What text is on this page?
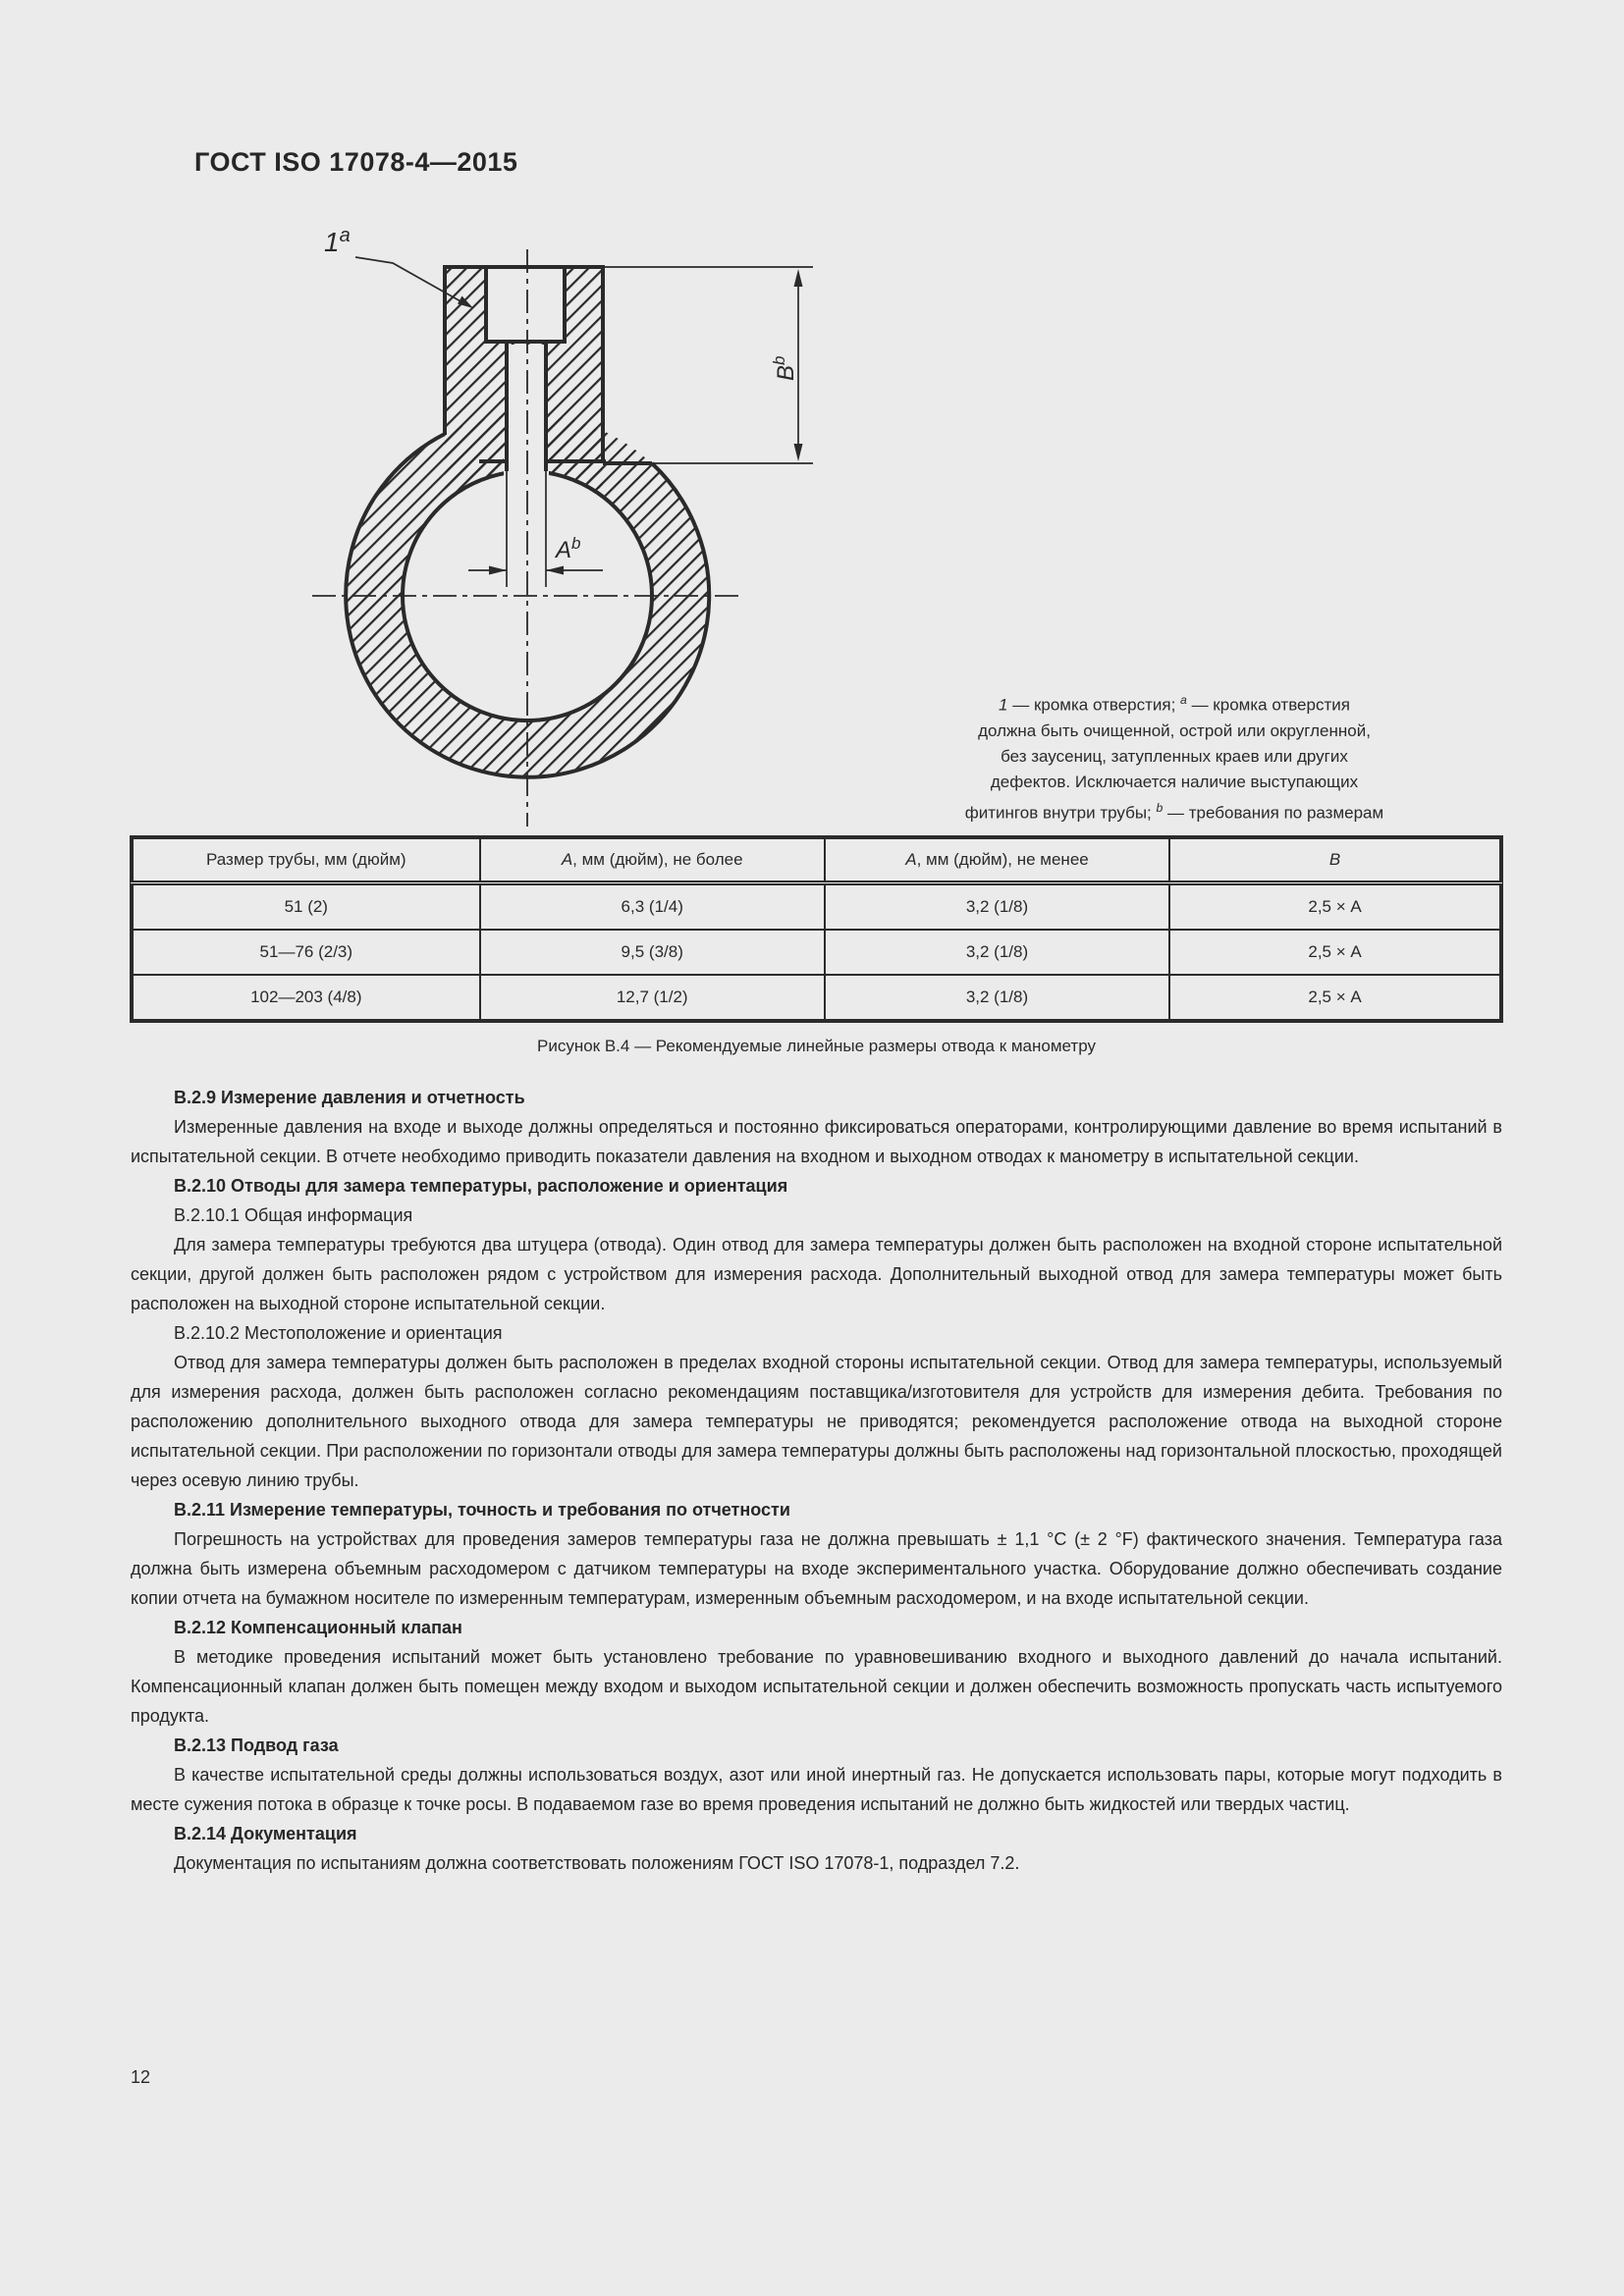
ГОСТ ISO 17078-4—2015
1$^a$
$A^b$
$B^b$
1 — кромка отверстия; $^a$ — кромка отверстия
должна быть очищенной, острой или округленной,
без заусениц, затупленных краев или других
дефектов. Исключается наличие выступающих
фитингов внутри трубы; $^b$ — требования по размерам
Размер трубы, мм (дюйм)	А, мм (дюйм), не более	А, мм (дюйм), не менее	В
51 (2)	6,3 (1/4)	3,2 (1/8)	2,5 × А
51—76 (2/3)	9,5 (3/8)	3,2 (1/8)	2,5 × А
102—203 (4/8)	12,7 (1/2)	3,2 (1/8)	2,5 × А
Рисунок В.4 — Рекомендуемые линейные размеры отвода к манометру
В.2.9 Измерение давления и отчетность
Измеренные давления на входе и выходе должны определяться и постоянно фиксироваться операторами, контролирующими давление во время испытаний в испытательной секции. В отчете необходимо приводить показатели давления на входном и выходном отводах к манометру в испытательной секции.
В.2.10 Отводы для замера температуры, расположение и ориентация
В.2.10.1 Общая информация
Для замера температуры требуются два штуцера (отвода). Один отвод для замера температуры должен быть расположен на входной стороне испытательной секции, другой должен быть расположен рядом с устройством для измерения расхода. Дополнительный выходной отвод для замера температуры может быть расположен на выходной стороне испытательной секции.
В.2.10.2 Местоположение и ориентация
Отвод для замера температуры должен быть расположен в пределах входной стороны испытательной секции. Отвод для замера температуры, используемый для измерения расхода, должен быть расположен согласно рекомендациям поставщика/изготовителя для устройств для измерения дебита. Требования по расположению дополнительного выходного отвода для замера температуры не приводятся; рекомендуется расположение отвода на выходной стороне испытательной секции. При расположении по горизонтали отводы для замера температуры должны быть расположены над горизонтальной плоскостью, проходящей через осевую линию трубы.
В.2.11 Измерение температуры, точность и требования по отчетности
Погрешность на устройствах для проведения замеров температуры газа не должна превышать ± 1,1 °С (± 2 °F) фактического значения. Температура газа должна быть измерена объемным расходомером с датчиком температуры на входе экспериментального участка. Оборудование должно обеспечивать создание копии отчета на бумажном носителе по измеренным температурам, измеренным объемным расходомером, и на входе испытательной секции.
В.2.12 Компенсационный клапан
В методике проведения испытаний может быть установлено требование по уравновешиванию входного и выходного давлений до начала испытаний. Компенсационный клапан должен быть помещен между входом и выходом испытательной секции и должен обеспечить возможность пропускать часть испытуемого продукта.
В.2.13 Подвод газа
В качестве испытательной среды должны использоваться воздух, азот или иной инертный газ. Не допускается использовать пары, которые могут подходить в месте сужения потока в образце к точке росы. В подаваемом газе во время проведения испытаний не должно быть жидкостей или твердых частиц.
В.2.14 Документация
Документация по испытаниям должна соответствовать положениям ГОСТ ISO 17078-1, подраздел 7.2.
12
